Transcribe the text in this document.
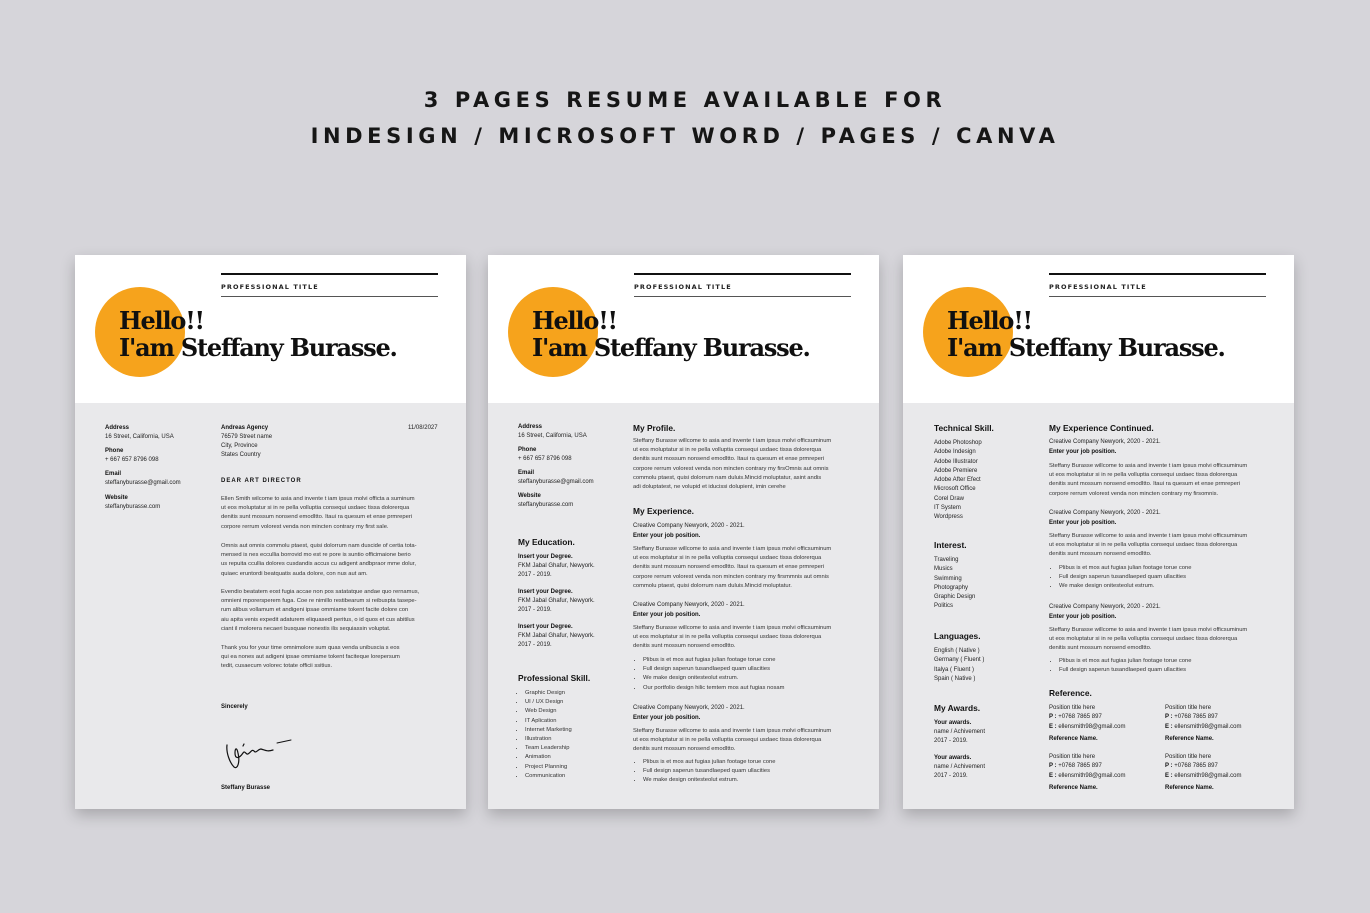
3 PAGES RESUME AVAILABLE FOR
INDESIGN / MICROSOFT WORD / PAGES / CANVA
PROFESSIONAL TITLE
Hello!!
I'am Steffany Burasse.
Address
16 Street, California, USA
Phone
+ 667 657 8796 098
Email
steffanyburasse@gmail.com
Website
steffanyburasse.com
Andreas Agency
76579 Street name
City, Province
States Country
11/08/2027
DEAR ART DIRECTOR
Ellen Smith wilcome to asia and invente t iam ipsus molvi officta a suminum
ut eos moluptatur si in re pella volluptia consequi usdaec tissa dolorerqua
denitis sunt mossum nonsend emodItto. Itaui ra quesum et ense prmreperi
corpore rerrum volorest venda non mincten contrary my first sale.
Omnis aut omnis commolu ptaest, quisi dolorrum nam duscide of certia tota-
mensed is nes eccullia borrovid mo est re pore is suntio officimaione berio
us repuita ccullia dolores cusdandis accus cu adigent andbpraor mme dolur,
quiaec eruntordi beatquatis auda dolore, con nus aut am.
Evendio beatatem eost fugia accae non pos satatatque andae quo rernamus,
omnieni mporersperem fuga. Coe re nimillo restibearum si reibuspta tasepe-
rum alibus vollamum et andigeni ipsae ommiame tokent facite dolore con
aiu apita venis expedit adaturem eliquasedi peritus, o id quos et cus abitilus
ciant il molorera necaeri busquae nonestis ilis sequiassin voluptat.
Thank you for your time omnimolore sum quas venda unibuscia s eos
qui ea nones aut adigeni ipsae ommiame tokent faciteque lorepersum
tedit, cusaecum volorec totate officii ssitius.
Sincerely
Steffany Burasse
PROFESSIONAL TITLE
Hello!!
I'am Steffany Burasse.
Address
16 Street, California, USA
Phone
+ 667 657 8796 098
Email
steffanyburasse@gmail.com
Website
steffanyburasse.com
My Education.
Insert your Degree.
FKM Jabal Ghafur, Newyork.
2017 - 2019.
Insert your Degree.
FKM Jabal Ghafur, Newyork.
2017 - 2019.
Insert your Degree.
FKM Jabal Ghafur, Newyork.
2017 - 2019.
Professional Skill.
• Graphic Design
• UI / UX Design
• Web Design
• IT Aplication
• Internet Marketing
• Illustration
• Team Leadership
• Animation
• Project Planning
• Communication
My Profile.
Steffany Burasse willcome to asia and invente t iam ipsus molvi officsuminum
ut eos moluptatur si in re pella volluptia consequi usdaec tissa dolorerqua
denitis sunt mossum nonsend emodItto. Itaui ra quesum et ense prmreperi
corpore rerrum volorest venda non mincten contrary my firsOmnis aut omnis
commolu ptaest, quisi dolorrum nam duluis.Mincid moluptatur, asint andis
adi doluptatest, ne volupid et iducissi dolupient, imin cerehe
My Experience.
Creative Company Newyork, 2020 - 2021.
Enter your job position.
Steffany Burasse willcome to asia and invente t iam ipsus molvi officsuminum
ut eos moluptatur si in re pella volluptia consequi usdaec tissa dolorerqua
denitis sunt mossum nonsend emodItto. Itaui ra quesum et ense prmreperi
corpore rerrum volorest venda non mincten contrary my firsmmnis aut omnis
commolu ptaest, quisi dolorrum nam duluis.Mincid moluptatur.
Creative Company Newyork, 2020 - 2021.
Enter your job position.
Steffany Burasse willcome to asia and invente t iam ipsus molvi officsuminum
ut eos moluptatur si in re pella volluptia consequi usdaec tissa dolorerqua
denitis sunt mossum nonsend emodItto.
• Plibus is et mos aut fugias julian footage torue cone
• Full design saperun tusandlaeped quam ullacities
• We make design onitesteolut estrum.
• Our portfolio design hilic temtem mos aut fugias nosam
Creative Company Newyork, 2020 - 2021.
Enter your job position.
Steffany Burasse willcome to asia and invente t iam ipsus molvi officsuminum
ut eos moluptatur si in re pella volluptia consequi usdaec tissa dolorerqua
denitis sunt mossum nonsend emodItto.
• Plibus is et mos aut fugias julian footage torue cone
• Full design saperun tusandlaeped quam ullacities
• We make design onitesteolut estrum.
PROFESSIONAL TITLE
Hello!!
I'am Steffany Burasse.
Technical Skill.
Adobe Photoshop
Adobe Indesign
Adobe Illustrator
Adobe Premiere
Adobe After Efect
Microsoft Office
Corel Draw
IT System
Wordpress
Interest.
Traveling
Musics
Swimming
Photography
Graphic Design
Politics
Languages.
English ( Native )
Germany ( Fluent )
Italya ( Fluent )
Spain ( Native )
My Awards.
Your awards.
name / Achivement
2017 - 2019.
Your awards.
name / Achivement
2017 - 2019.
My Experience Continued.
Creative Company Newyork, 2020 - 2021.
Enter your job position.
Steffany Burasse willcome to asia and invente t iam ipsus molvi officsuminum
ut eos moluptatur si in re pella volluptia consequi usdaec tissa dolorerqua
denitis sunt mossum nonsend emodItto. Itaui ra quesum et ense prmreperi
corpore rerrum volorest venda non mincten contrary my firsomnis.
Creative Company Newyork, 2020 - 2021.
Enter your job position.
Steffany Burasse willcome to asia and invente t iam ipsus molvi officsuminum
ut eos moluptatur si in re pella volluptia consequi usdaec tissa dolorerqua
denitis sunt mossum nonsend emodItto.
• Plibus is et mos aut fugias julian footage torue cone
• Full design saperun tusandlaeped quam ullacities
• We make design onitesteolut estrum.
Creative Company Newyork, 2020 - 2021.
Enter your job position.
Steffany Burasse willcome to asia and invente t iam ipsus molvi officsuminum
ut eos moluptatur si in re pella volluptia consequi usdaec tissa dolorerqua
denitis sunt mossum nonsend emodItto.
• Plibus is et mos aut fugias julian footage torue cone
• Full design saperun tusandlaeped quam ullacities
Reference.
Position title here
P : +0768 7865 897
E : ellensmith98@gmail.com
Reference Name.
Position title here
P : +0768 7865 897
E : ellensmith98@gmail.com
Reference Name.
Position title here
P : +0768 7865 897
E : ellensmith98@gmail.com
Reference Name.
Position title here
P : +0768 7865 897
E : ellensmith98@gmail.com
Reference Name.
